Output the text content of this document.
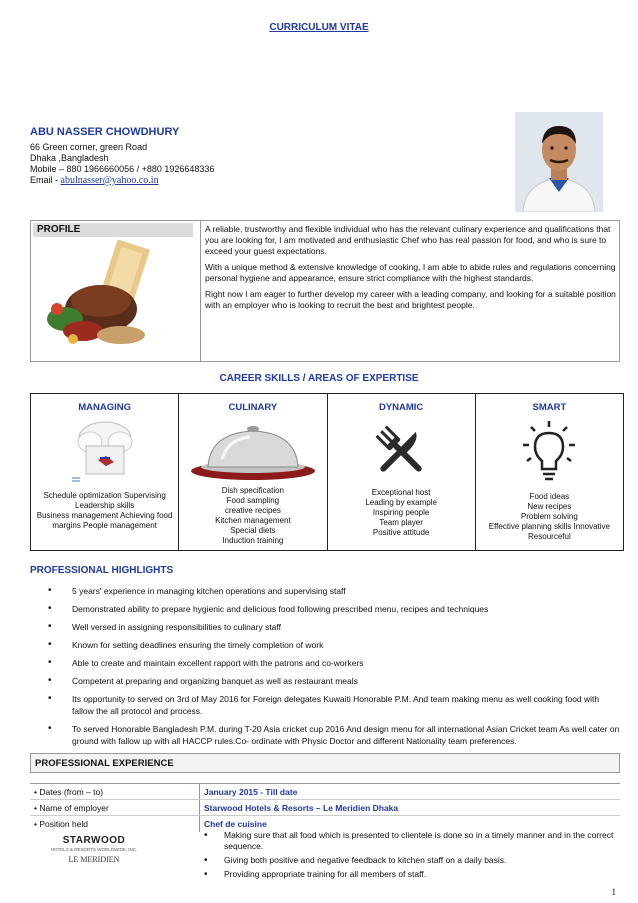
CURRICULUM VITAE
ABU NASSER CHOWDHURY
66 Green corner, green Road
Dhaka ,Bangladesh
Mobile – 880 1966660056 / +880 1926648336
Email - abulnasser@yahoo.co.in
PROFILE	A reliable, trustworthy and flexible individual who has the relevant culinary experience and qualifications that you are looking for, I am motivated and enthusiastic Chef who has real passion for food, and who is sure to exceed your guest expectations.

With a unique method & extensive knowledge of cooking, I am able to abide rules and regulations concerning personal hygiene and appearance, ensure strict compliance with the highest standards.

Right now I am eager to further develop my career with a leading company, and looking for a suitable position with an employer who is looking to recruit the best and brightest people.

CAREER SKILLS / AREAS OF EXPERTISE
MANAGING
Schedule optimization Supervising
Leadership skills
Business management Achieving food
margins People management
CULINARY
Dish specification
Food sampling
creative recipes
Kitchen management
Special diets
Induction training
DYNAMIC
Exceptional host
Leading by example
Inspiring people
Team player
Positive attitude
SMART
Food ideas
New recipes
Problem solving
Effective planning skills Innovative
Resourceful
PROFESSIONAL HIGHLIGHTS
• 5 years' experience in managing kitchen operations and supervising staff
• Demonstrated ability to prepare hygienic and delicious food following prescribed menu, recipes and techniques
• Well versed in assigning responsibilities to culinary staff
• Known for setting deadlines ensuring the timely completion of work
• Able to create and maintain excellent rapport with the patrons and co-workers
• Competent at preparing and organizing banquet as well as restaurant meals
• Its opportunity to served on 3rd of May 2016 for Foreign delegates Kuwaiti Honorable P.M. And team making menu as well cooking food with fallow the all protocol and process.
• To served Honorable Bangladesh P.M. during T-20 Asia cricket cup 2016 And design menu for all international Asian Cricket team As well cater on ground with fallow up with all HACCP rules.Co- ordinate with Physic Doctor and different Nationality team preferences.
PROFESSIONAL EXPERIENCE
• Dates (from – to)	January 2015 - Till date
• Name of employer	Starwood Hotels & Resorts – Le Meridien Dhaka
• Position held	Chef de cuisine
STARWOOD
HOTELS & RESORTS WORLDWIDE, INC.
LE MERIDIEN
• Making sure that all food which is presented to clientele is done so in a timely manner and in the correct sequence.
• Giving both positive and negative feedback to kitchen staff on a daily basis.
• Providing appropriate training for all members of staff.
1
